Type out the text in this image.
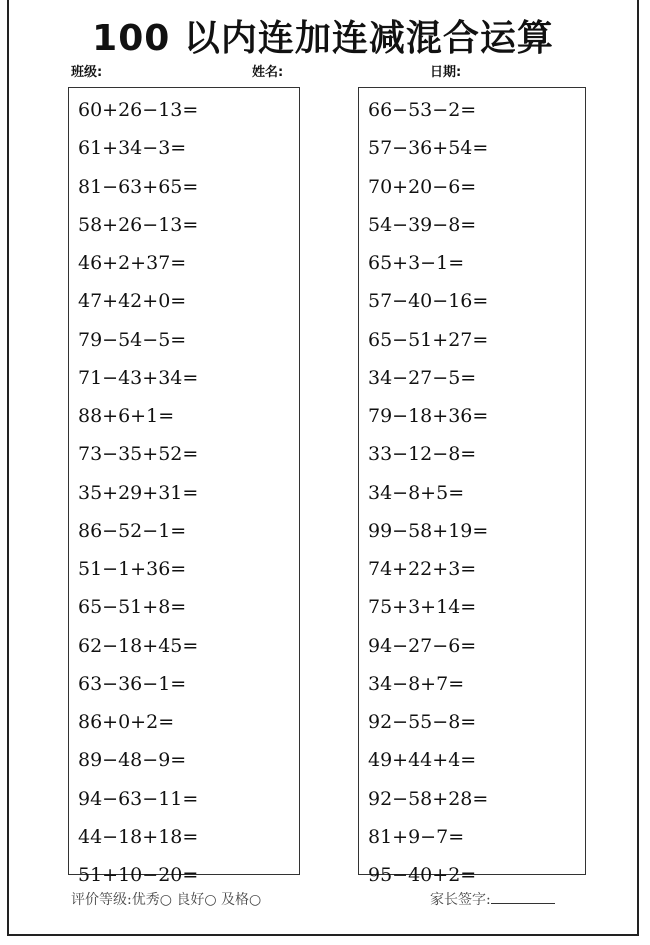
100 以内连加连减混合运算
班级:	姓名:	日期:
60+26−13=
61+34−3=
81−63+65=
58+26−13=
46+2+37=
47+42+0=
79−54−5=
71−43+34=
88+6+1=
73−35+52=
35+29+31=
86−52−1=
51−1+36=
65−51+8=
62−18+45=
63−36−1=
86+0+2=
89−48−9=
94−63−11=
44−18+18=
51+10−20=
66−53−2=
57−36+54=
70+20−6=
54−39−8=
65+3−1=
57−40−16=
65−51+27=
34−27−5=
79−18+36=
33−12−8=
34−8+5=
99−58+19=
74+22+3=
75+3+14=
94−27−6=
34−8+7=
92−55−8=
49+44+4=
92−58+28=
81+9−7=
95−40+2=
评价等级:优秀○ 良好○ 及格○	家长签字:
